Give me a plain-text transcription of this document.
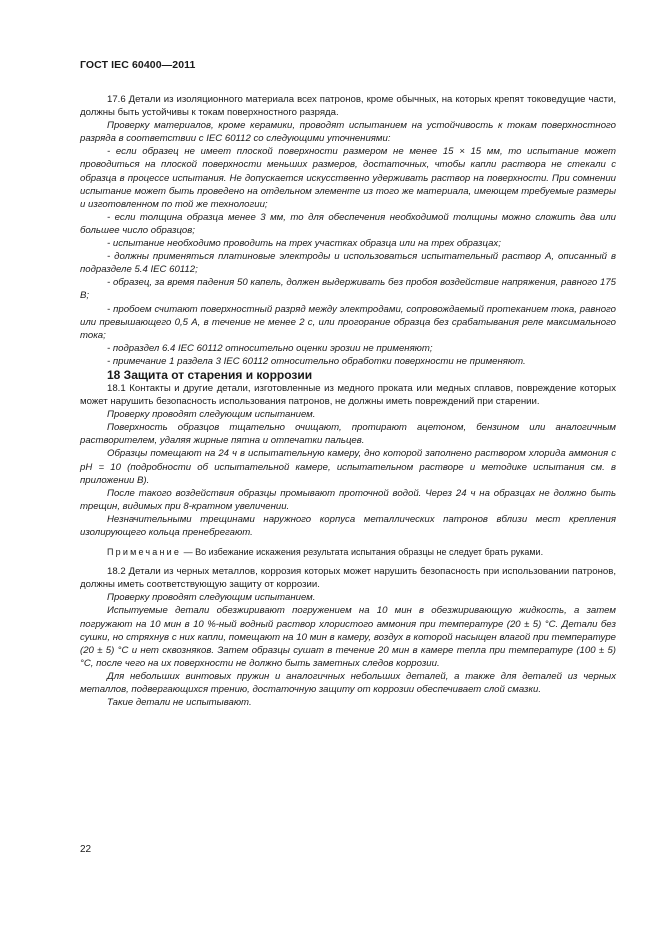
ГОСТ IEC 60400—2011

17.6 Детали из изоляционного материала всех патронов, кроме обычных, на которых крепят токоведущие части, должны быть устойчивы к токам поверхностного разряда.

Проверку материалов, кроме керамики, проводят испытанием на устойчивость к токам поверхностного разряда в соответствии с IEC 60112 со следующими уточнениями:

- если образец не имеет плоской поверхности размером не менее 15 × 15 мм, то испытание может проводиться на плоской поверхности меньших размеров, достаточных, чтобы капли раствора не стекали с образца в процессе испытания. Не допускается искусственно удерживать раствор на поверхности. При сомнении испытание может быть проведено на отдельном элементе из того же материала, имеющем требуемые размеры и изготовленном по той же технологии;

- если толщина образца менее 3 мм, то для обеспечения необходимой толщины можно сложить два или большее число образцов;

- испытание необходимо проводить на трех участках образца или на трех образцах;

- должны применяться платиновые электроды и использоваться испытательный раствор А, описанный в подразделе 5.4 IEC 60112;

- образец, за время падения 50 капель, должен выдерживать без пробоя воздействие напряжения, равного 175 В;

- пробоем считают поверхностный разряд между электродами, сопровождаемый протеканием тока, равного или превышающего 0,5 А, в течение не менее 2 с, или прогорание образца без срабатывания реле максимального тока;

- подраздел 6.4 IEC 60112 относительно оценки эрозии не применяют;

- примечание 1 раздела 3 IEC 60112 относительно обработки поверхности не применяют.

18 Защита от старения и коррозии

18.1 Контакты и другие детали, изготовленные из медного проката или медных сплавов, повреждение которых может нарушить безопасность использования патронов, не должны иметь повреждений при старении.

Проверку проводят следующим испытанием.

Поверхность образцов тщательно очищают, протирают ацетоном, бензином или аналогичным растворителем, удаляя жирные пятна и отпечатки пальцев.

Образцы помещают на 24 ч в испытательную камеру, дно которой заполнено раствором хлорида аммония с pH = 10 (подробности об испытательной камере, испытательном растворе и методике испытания см. в приложении В).

После такого воздействия образцы промывают проточной водой. Через 24 ч на образцах не должно быть трещин, видимых при 8-кратном увеличении.

Незначительными трещинами наружного корпуса металлических патронов вблизи мест крепления изолирующего кольца пренебрегают.

Примечание — Во избежание искажения результата испытания образцы не следует брать руками.

18.2 Детали из черных металлов, коррозия которых может нарушить безопасность при использовании патронов, должны иметь соответствующую защиту от коррозии.

Проверку проводят следующим испытанием.

Испытуемые детали обезжиривают погружением на 10 мин в обезжиривающую жидкость, а затем погружают на 10 мин в 10 %-ный водный раствор хлористого аммония при температуре (20 ± 5) °С. Детали без сушки, но стряхнув с них капли, помещают на 10 мин в камеру, воздух в которой насыщен влагой при температуре (20 ± 5) °С и нет сквозняков. Затем образцы сушат в течение 20 мин в камере тепла при температуре (100 ± 5) °С, после чего на их поверхности не должно быть заметных следов коррозии.

Для небольших винтовых пружин и аналогичных небольших деталей, а также для деталей из черных металлов, подвергающихся трению, достаточную защиту от коррозии обеспечивает слой смазки.

Такие детали не испытывают.

22
